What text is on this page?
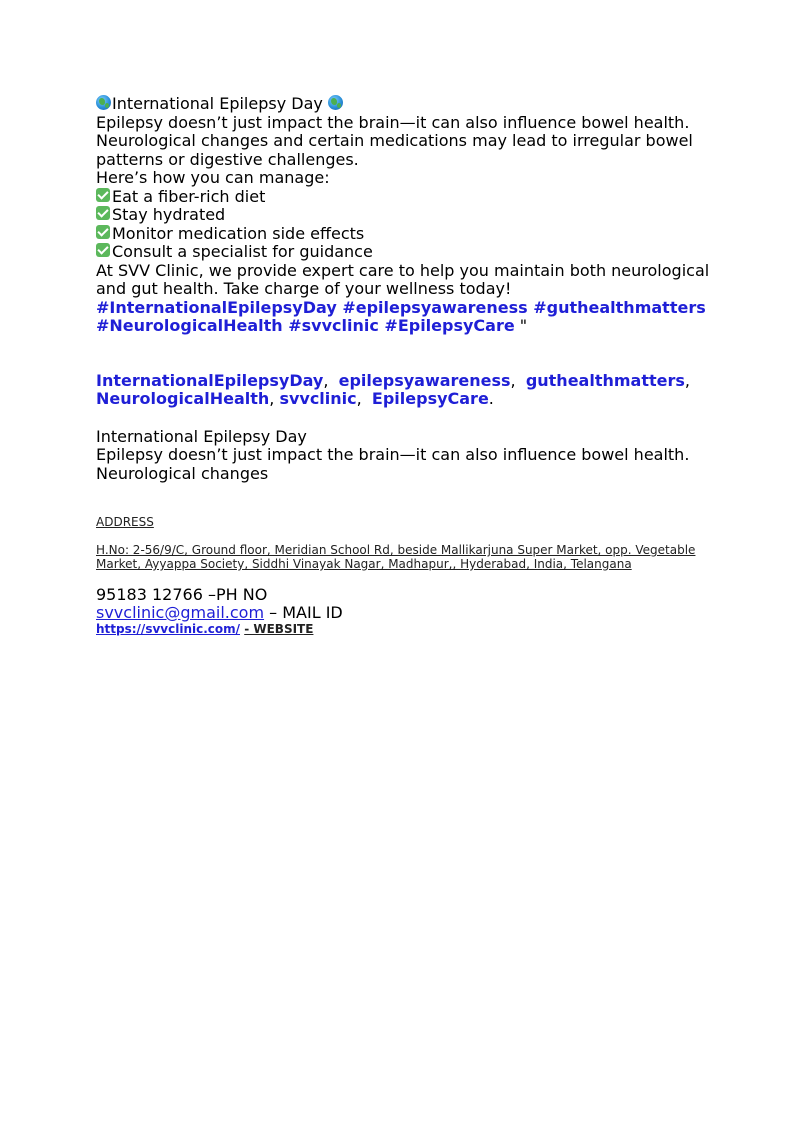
International Epilepsy Day
Epilepsy doesn’t just impact the brain—it can also influence bowel health. Neurological changes and certain medications may lead to irregular bowel patterns or digestive challenges.
Here’s how you can manage:
Eat a fiber-rich diet
Stay hydrated
Monitor medication side effects
Consult a specialist for guidance
At SVV Clinic, we provide expert care to help you maintain both neurological and gut health. Take charge of your wellness today!
#InternationalEpilepsyDay #epilepsyawareness #guthealthmatters
#NeurologicalHealth #svvclinic #EpilepsyCare "
InternationalEpilepsyDay,  epilepsyawareness,  guthealthmatters,
NeurologicalHealth, svvclinic,  EpilepsyCare.
International Epilepsy Day
Epilepsy doesn’t just impact the brain—it can also influence bowel health.
Neurological changes
ADDRESS
H.No: 2-56/9/C, Ground floor, Meridian School Rd, beside Mallikarjuna Super Market, opp. Vegetable Market, Ayyappa Society, Siddhi Vinayak Nagar, Madhapur,, Hyderabad, India, Telangana
95183 12766 –PH NO
svvclinic@gmail.com – MAIL ID
https://svvclinic.com/ - WEBSITE
